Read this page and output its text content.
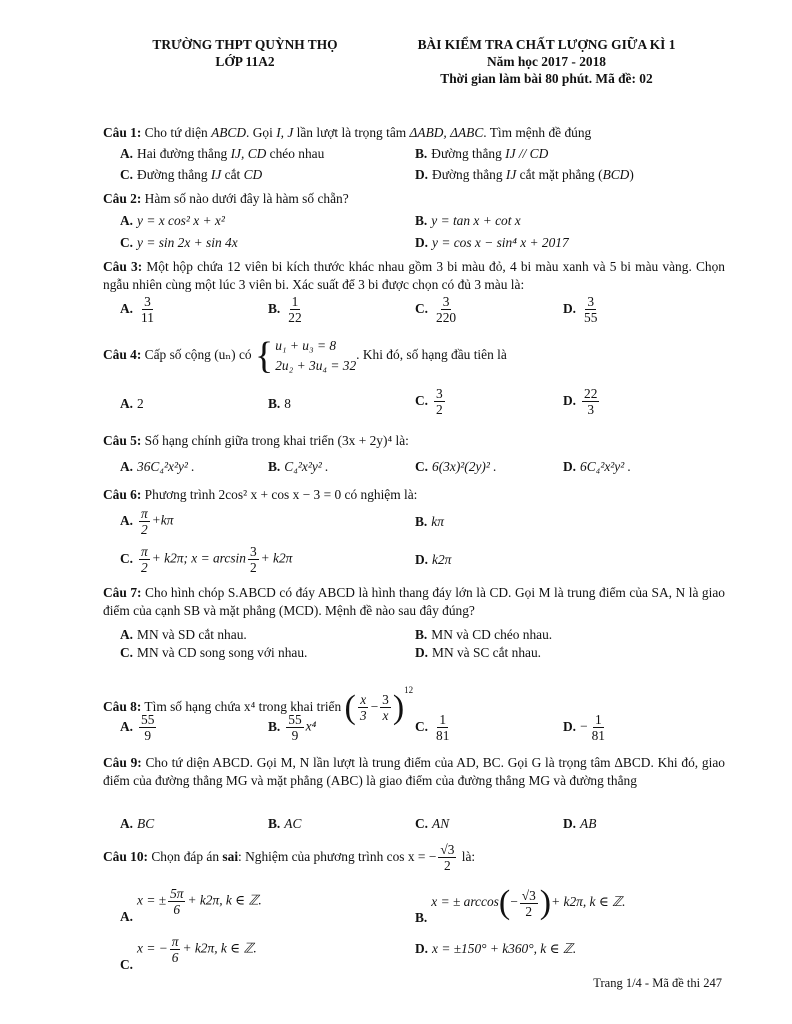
TRƯỜNG THPT QUỲNH THỌ
LỚP 11A2
BÀI KIỂM TRA CHẤT LƯỢNG GIỮA KÌ 1
Năm học 2017 - 2018
Thời gian làm bài 80 phút. Mã đề: 02
Câu 1: Cho tứ diện ABCD. Gọi I, J lần lượt là trọng tâm ΔABD, ΔABC. Tìm mệnh đề đúng
A. Hai đường thẳng IJ, CD chéo nhau	B. Đường thẳng IJ // CD
C. Đường thẳng IJ cắt CD	D. Đường thẳng IJ cắt mặt phẳng (BCD)
Câu 2: Hàm số nào dưới đây là hàm số chẵn?
A. y = x cos² x + x²	B. y = tan x + cot x
C. y = sin 2x + sin 4x	D. y = cos x − sin⁴ x + 2017
Câu 3: Một hộp chứa 12 viên bi kích thước khác nhau gồm 3 bi màu đỏ, 4 bi màu xanh và 5 bi màu vàng. Chọn ngẫu nhiên cùng một lúc 3 viên bi. Xác suất để 3 bi được chọn có đủ 3 màu là:
A. $\frac{3}{11}$	B. $\frac{1}{22}$	C. $\frac{3}{220}$	D. $\frac{3}{55}$
Câu 4: Cấp số cộng (uₙ) có { u₁ + u₃ = 8
2u₂ + 3u₄ = 32
. Khi đó, số hạng đầu tiên là
A. 2	B. 8	C. $\frac{3}{2}$	D. $\frac{22}{3}$
Câu 5: Số hạng chính giữa trong khai triển (3x + 2y)⁴ là:
A. 36C₄²x²y² .	B. C₄²x²y² .	C. 6(3x)²(2y)² .	D. 6C₄²x²y² .
Câu 6: Phương trình 2cos² x + cos x − 3 = 0 có nghiệm là:
A. $\frac{\pi}{2} +k\pi$	B. kπ
C. $\frac{\pi}{2} + k2\pi$; $x = \arcsin \frac{3}{2} + k2\pi$	D. k2π
Câu 7: Cho hình chóp S.ABCD có đáy ABCD là hình thang đáy lớn là CD. Gọi M là trung điểm của SA, N là giao điểm của cạnh SB và mặt phẳng (MCD). Mệnh đề nào sau đây đúng?
A. MN và SD cắt nhau.	B. MN và CD chéo nhau.
C. MN và CD song song với nhau.	D. MN và SC cắt nhau.
Câu 8: Tìm số hạng chứa x⁴ trong khai triển ( $\frac{x}{3} - \frac{3}{x} )^{12}$
A. $\frac{55}{9}$	B. $\frac{55}{9} x^4$	C. $\frac{1}{81}$	D. − $\frac{1}{81}$
Câu 9: Cho tứ diện ABCD. Gọi M, N lần lượt là trung điểm của AD, BC. Gọi G là trọng tâm ΔBCD. Khi đó, giao điểm của đường thẳng MG và mặt phẳng (ABC) là giao điểm của đường thẳng MG và đường thẳng
A. BC	B. AC	C. AN	D. AB
Câu 10: Chọn đáp án sai: Nghiệm của phương trình cos x = − $\frac{√3}{2}$ là:
A.x = ± $\frac{5\pi}{6} + k2\pi$, k ∈ ℤ.
B.x = ± $\arccos(- \frac{√3}{2}$ )+ k2π, k ∈ ℤ.
C.x = − $\frac{\pi}{6} + k2\pi$, k ∈ ℤ.	D. x = ±150° + k360°, k ∈ ℤ.
Trang 1/4 - Mã đề thi 247
